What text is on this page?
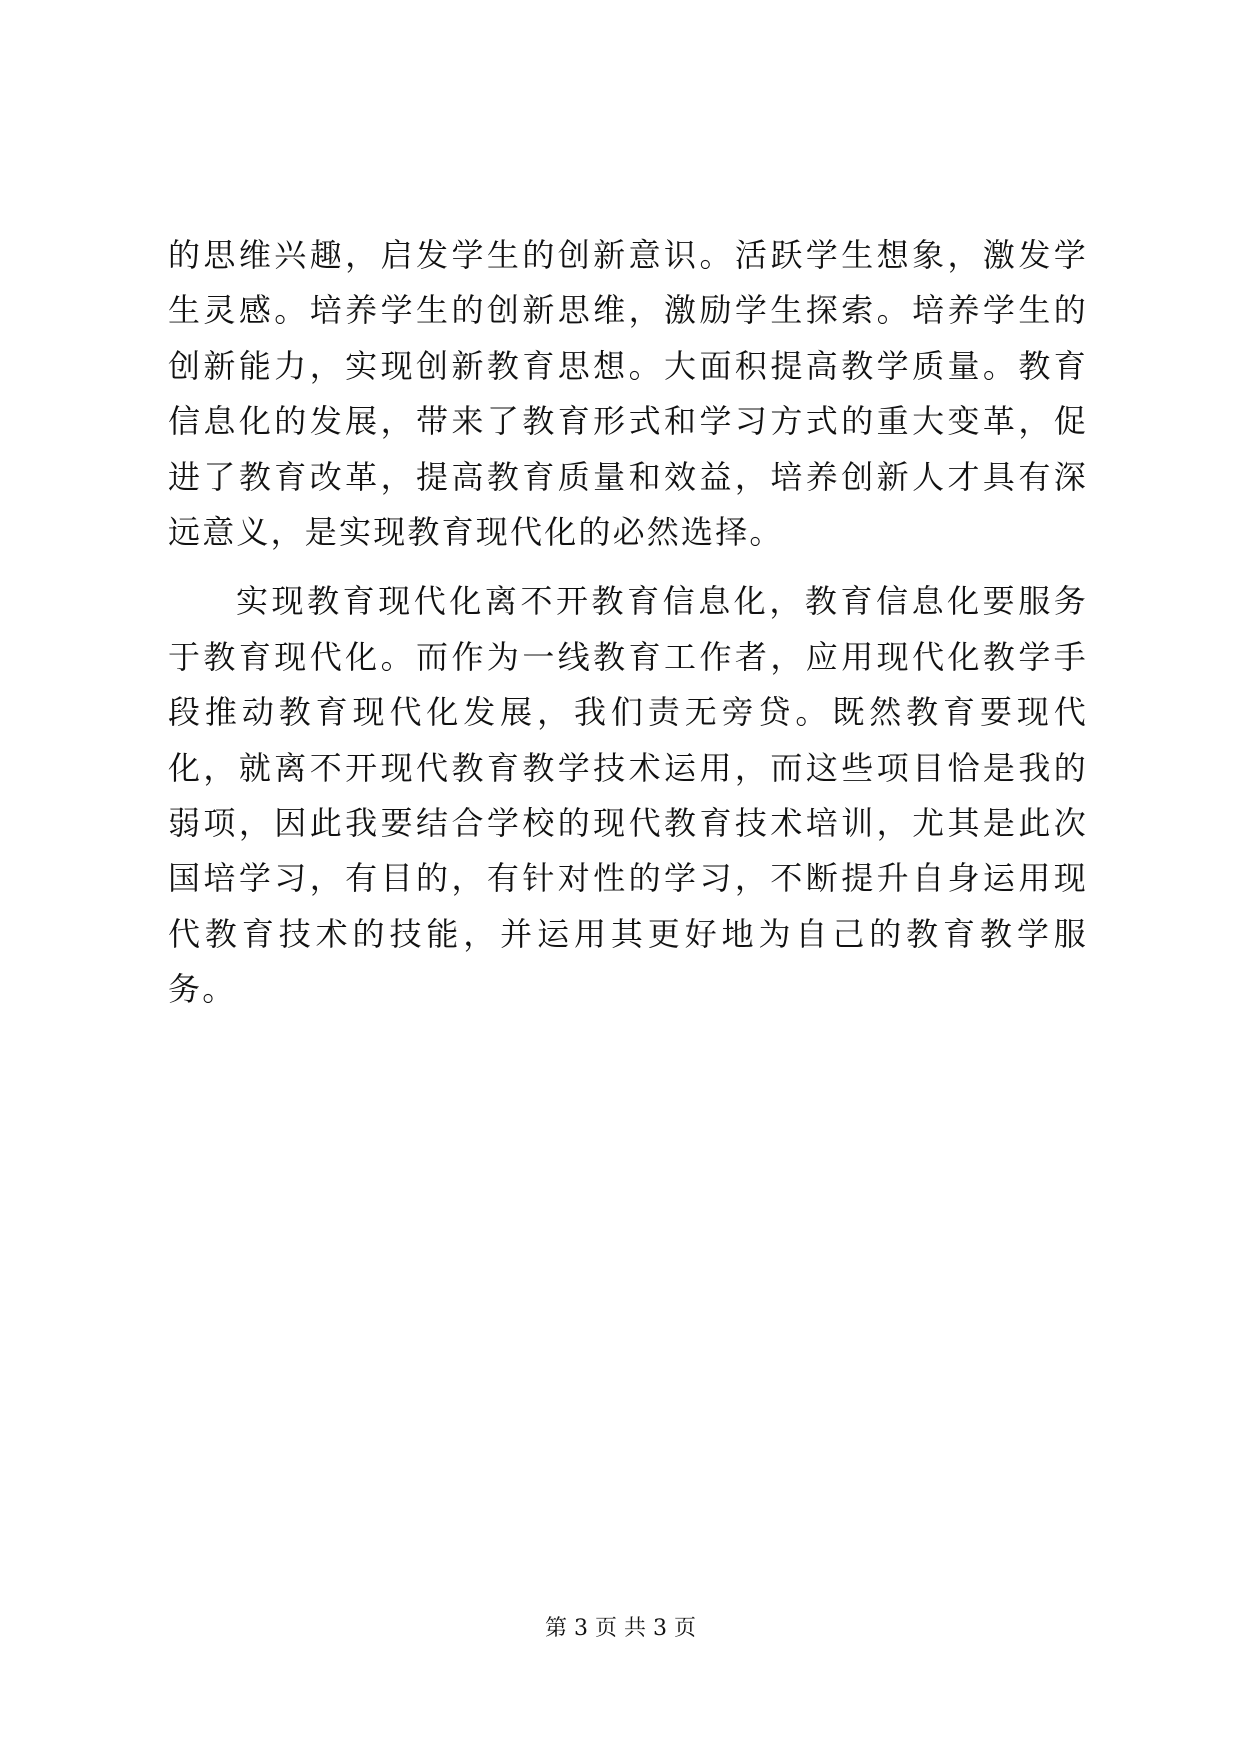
的思维兴趣，启发学生的创新意识。活跃学生想象，激发学生灵感。培养学生的创新思维，激励学生探索。培养学生的创新能力，实现创新教育思想。大面积提高教学质量。教育信息化的发展，带来了教育形式和学习方式的重大变革，促进了教育改革，提高教育质量和效益，培养创新人才具有深远意义，是实现教育现代化的必然选择。

实现教育现代化离不开教育信息化，教育信息化要服务于教育现代化。而作为一线教育工作者，应用现代化教学手段推动教育现代化发展，我们责无旁贷。既然教育要现代化，就离不开现代教育教学技术运用，而这些项目恰是我的弱项，因此我要结合学校的现代教育技术培训，尤其是此次国培学习，有目的，有针对性的学习，不断提升自身运用现代教育技术的技能，并运用其更好地为自己的教育教学服务。

第 3 页 共 3 页
